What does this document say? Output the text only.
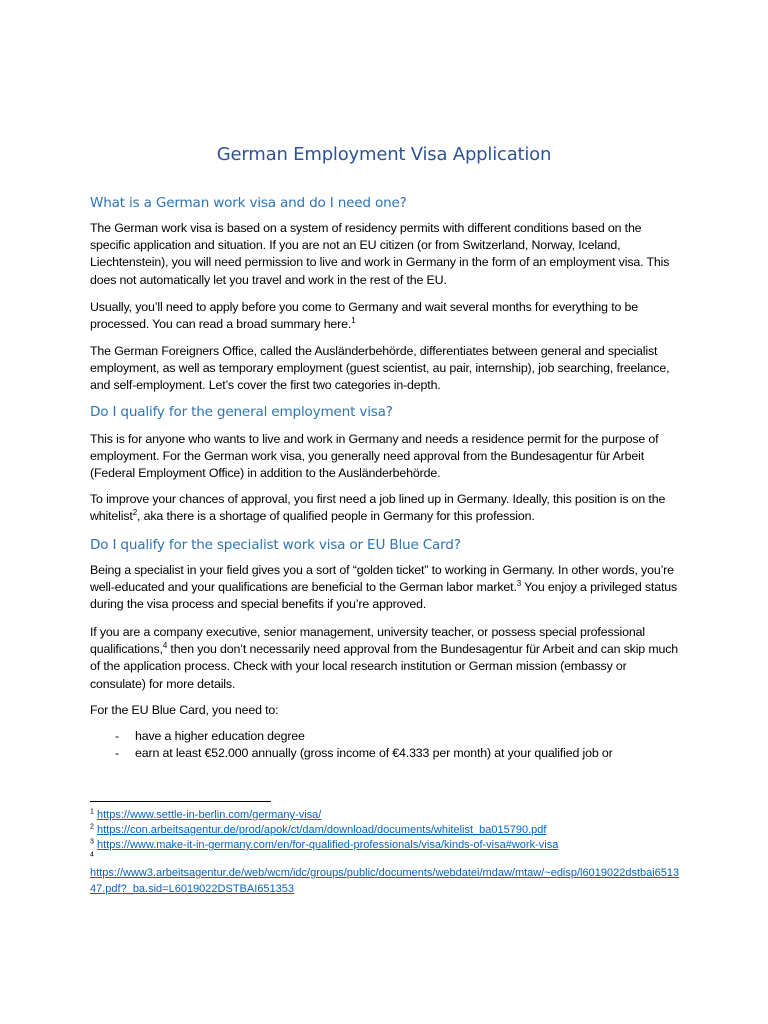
German Employment Visa Application
What is a German work visa and do I need one?

The German work visa is based on a system of residency permits with different conditions based on the specific application and situation. If you are not an EU citizen (or from Switzerland, Norway, Iceland, Liechtenstein), you will need permission to live and work in Germany in the form of an employment visa. This does not automatically let you travel and work in the rest of the EU.

Usually, you’ll need to apply before you come to Germany and wait several months for everything to be processed. You can read a broad summary here.$^1$

The German Foreigners Office, called the Ausländerbehörde, differentiates between general and specialist employment, as well as temporary employment (guest scientist, au pair, internship), job searching, freelance, and self-employment. Let’s cover the first two categories in-depth.

Do I qualify for the general employment visa?

This is for anyone who wants to live and work in Germany and needs a residence permit for the purpose of employment. For the German work visa, you generally need approval from the Bundesagentur für Arbeit (Federal Employment Office) in addition to the Ausländerbehörde.

To improve your chances of approval, you first need a job lined up in Germany. Ideally, this position is on the whitelist$^2$, aka there is a shortage of qualified people in Germany for this profession.

Do I qualify for the specialist work visa or EU Blue Card?

Being a specialist in your field gives you a sort of “golden ticket” to working in Germany. In other words, you’re well-educated and your qualifications are beneficial to the German labor market.$^3$ You enjoy a privileged status during the visa process and special benefits if you’re approved.

If you are a company executive, senior management, university teacher, or possess special professional qualifications,$^4$ then you don’t necessarily need approval from the Bundesagentur für Arbeit and can skip much of the application process. Check with your local research institution or German mission (embassy or consulate) for more details.

For the EU Blue Card, you need to:

- have a higher education degree
- earn at least €52.000 annually (gross income of €4.333 per month) at your qualified job or

$^1$ https://www.settle-in-berlin.com/germany-visa/

$^2$ https://con.arbeitsagentur.de/prod/apok/ct/dam/download/documents/whitelist_ba015790.pdf

$^3$ https://www.make-it-in-germany.com/en/for-qualified-professionals/visa/kinds-of-visa#work-visa

$^4$

https://www3.arbeitsagentur.de/web/wcm/idc/groups/public/documents/webdatei/mdaw/mtaw/~edisp/l6019022dstbai651347.pdf?_ba.sid=L6019022DSTBAI651353
